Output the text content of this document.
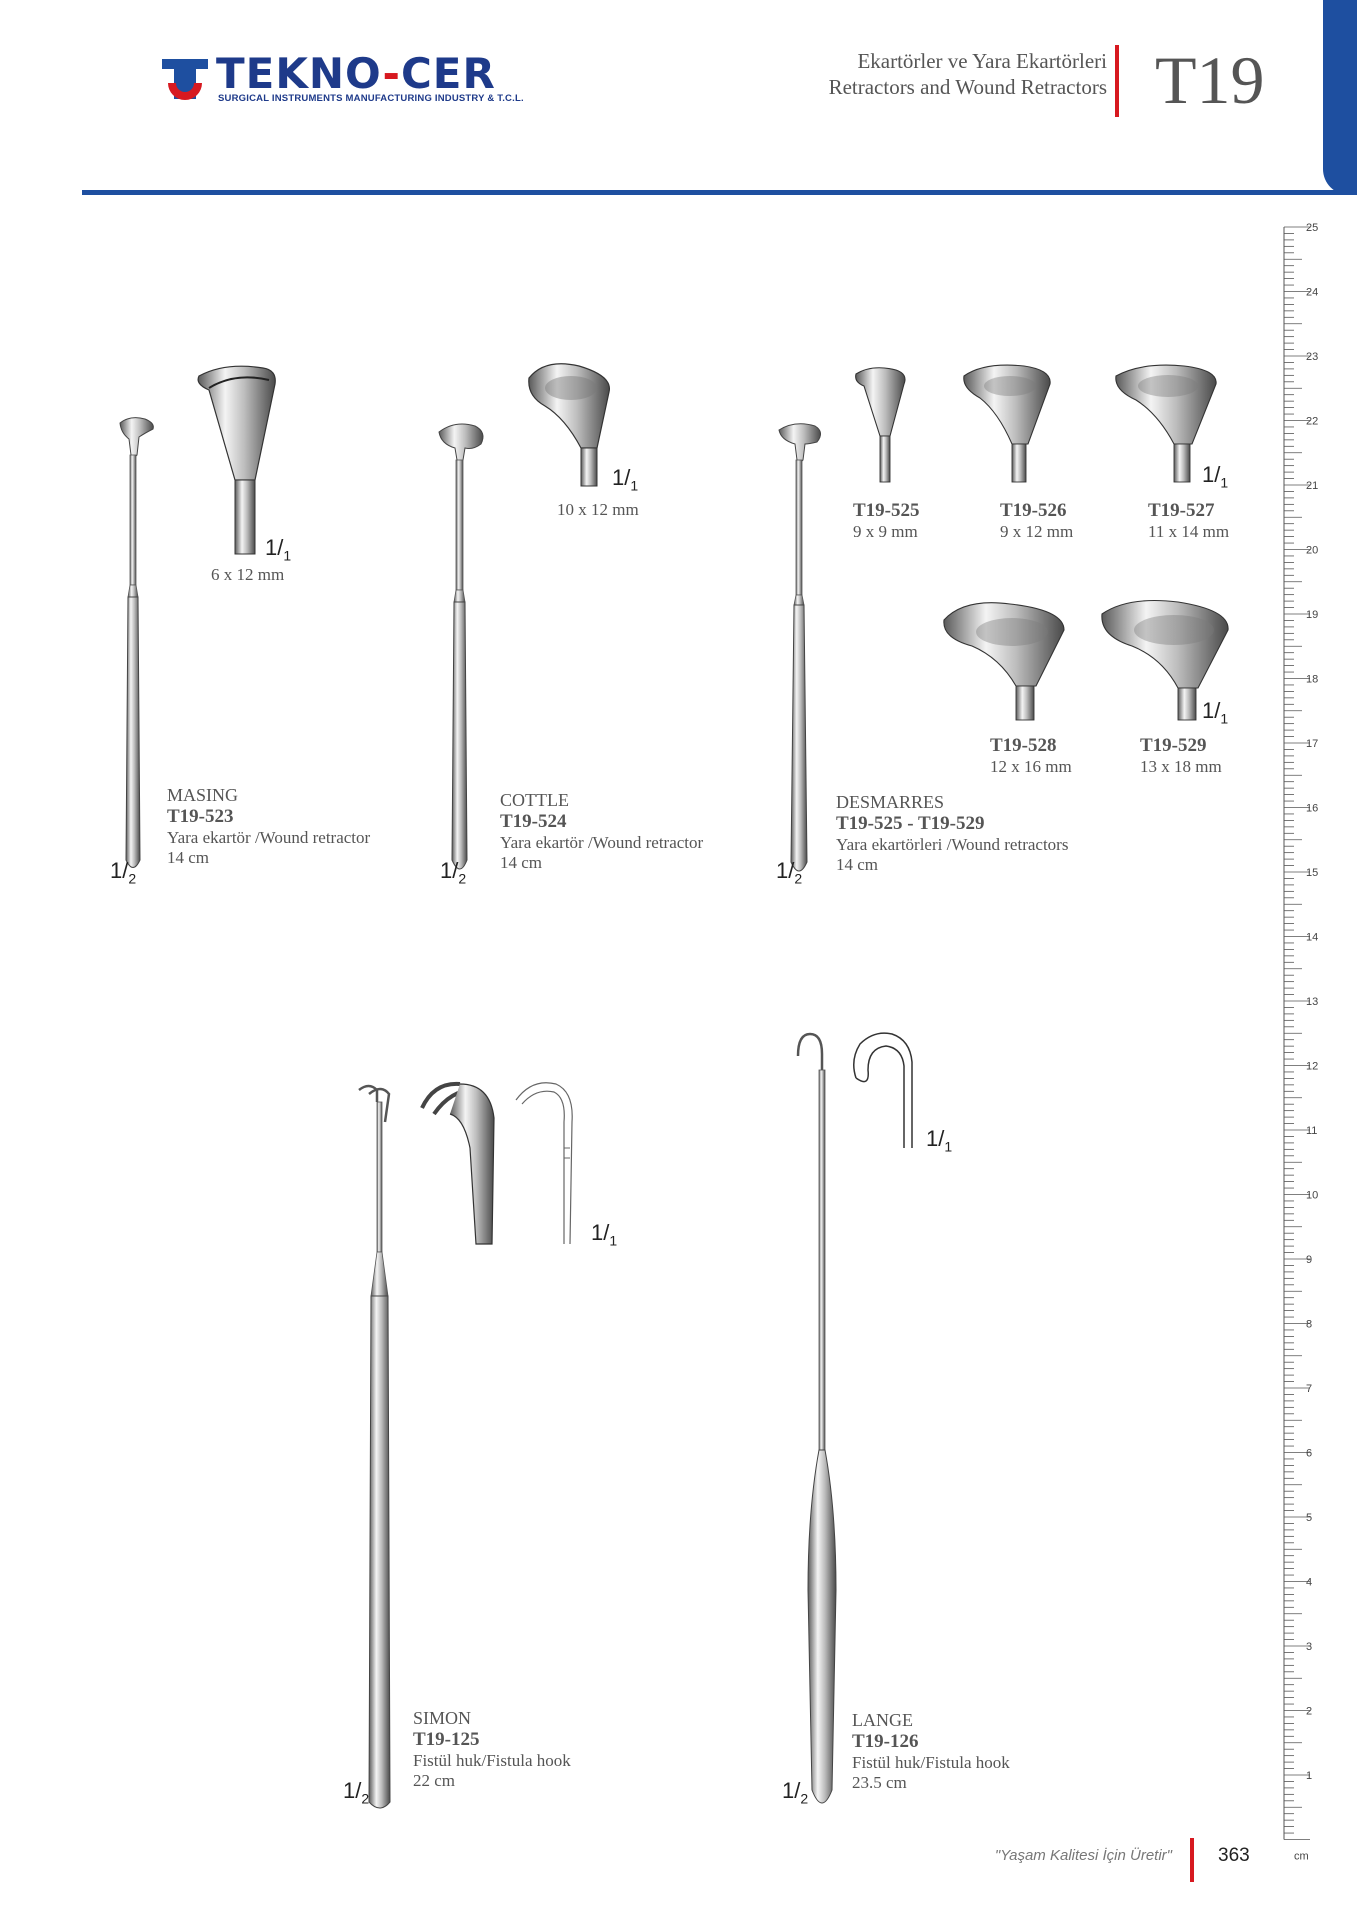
TEKNO-CER
SURGICAL INSTRUMENTS MANUFACTURING INDUSTRY & T.C.L.
Ekartörler ve Yara Ekartörleri
Retractors and Wound Retractors T19
25
24
23
22
21
20
19
18
17
16
15
14
13
12
11
10
9
8
7
6
5
4
3
2
1
cm
$1/_1$
6 x 12 mm
$1/_2$
MASING
T19-523
Yara ekartör /Wound retractor
14 cm
$1/_1$
10 x 12 mm
$1/_2$
COTTLE
T19-524
Yara ekartör /Wound retractor
14 cm
$1/_1$
T19-525
9 x 9 mm
T19-526
9 x 12 mm
T19-527
11 x 14 mm
$1/_1$
T19-528
12 x 16 mm
T19-529
13 x 18 mm
$1/_2$
DESMARRES
T19-525 - T19-529
Yara ekartörleri /Wound retractors
14 cm
$1/_1$
$1/_2$
SIMON
T19-125
Fistül huk/Fistula hook
22 cm
$1/_1$
$1/_2$
LANGE
T19-126
Fistül huk/Fistula hook
23.5 cm
"Yaşam Kalitesi İçin Üretir" 363
